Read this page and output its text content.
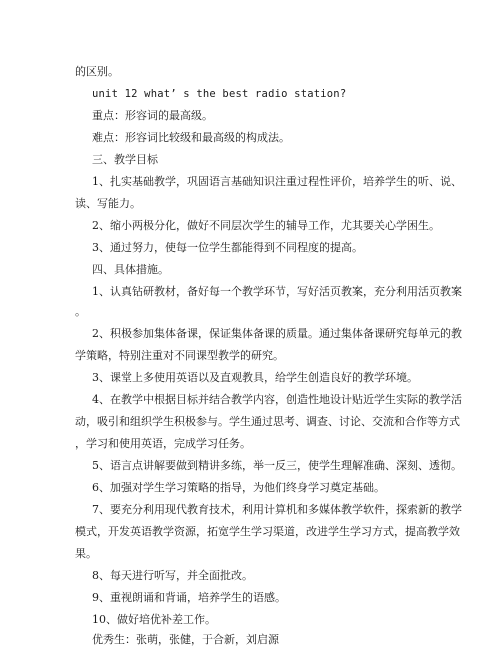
的区别。
unit 12 what’ s the best radio station?
重点：形容词的最高级。
难点：形容词比较级和最高级的构成法。
三、教学目标
1、扎实基础教学，巩固语言基础知识注重过程性评价，培养学生的听、说、
读、写能力。
2、缩小两极分化，做好不同层次学生的辅导工作，尤其要关心学困生。
3、通过努力，使每一位学生都能得到不同程度的提高。
四、具体措施。
1、认真钻研教材，备好每一个教学环节，写好活页教案，充分利用活页教案
。
2、积极参加集体备课，保证集体备课的质量。通过集体备课研究每单元的教
学策略，特别注重对不同课型教学的研究。
3、课堂上多使用英语以及直观教具，给学生创造良好的教学环境。
4、在教学中根据目标并结合教学内容，创造性地设计贴近学生实际的教学活
动，吸引和组织学生积极参与。学生通过思考、调查、讨论、交流和合作等方式
，学习和使用英语，完成学习任务。
5、语言点讲解要做到精讲多练，举一反三，使学生理解准确、深刻、透彻。
6、加强对学生学习策略的指导，为他们终身学习奠定基础。
7、要充分利用现代教育技术，利用计算机和多媒体教学软件，探索新的教学
模式，开发英语教学资源，拓宽学生学习渠道，改进学生学习方式，提高教学效
果。
8、每天进行听写，并全面批改。
9、重视朗诵和背诵，培养学生的语感。
10、做好培优补差工作。
优秀生：张萌，张健，于合新，刘启源
